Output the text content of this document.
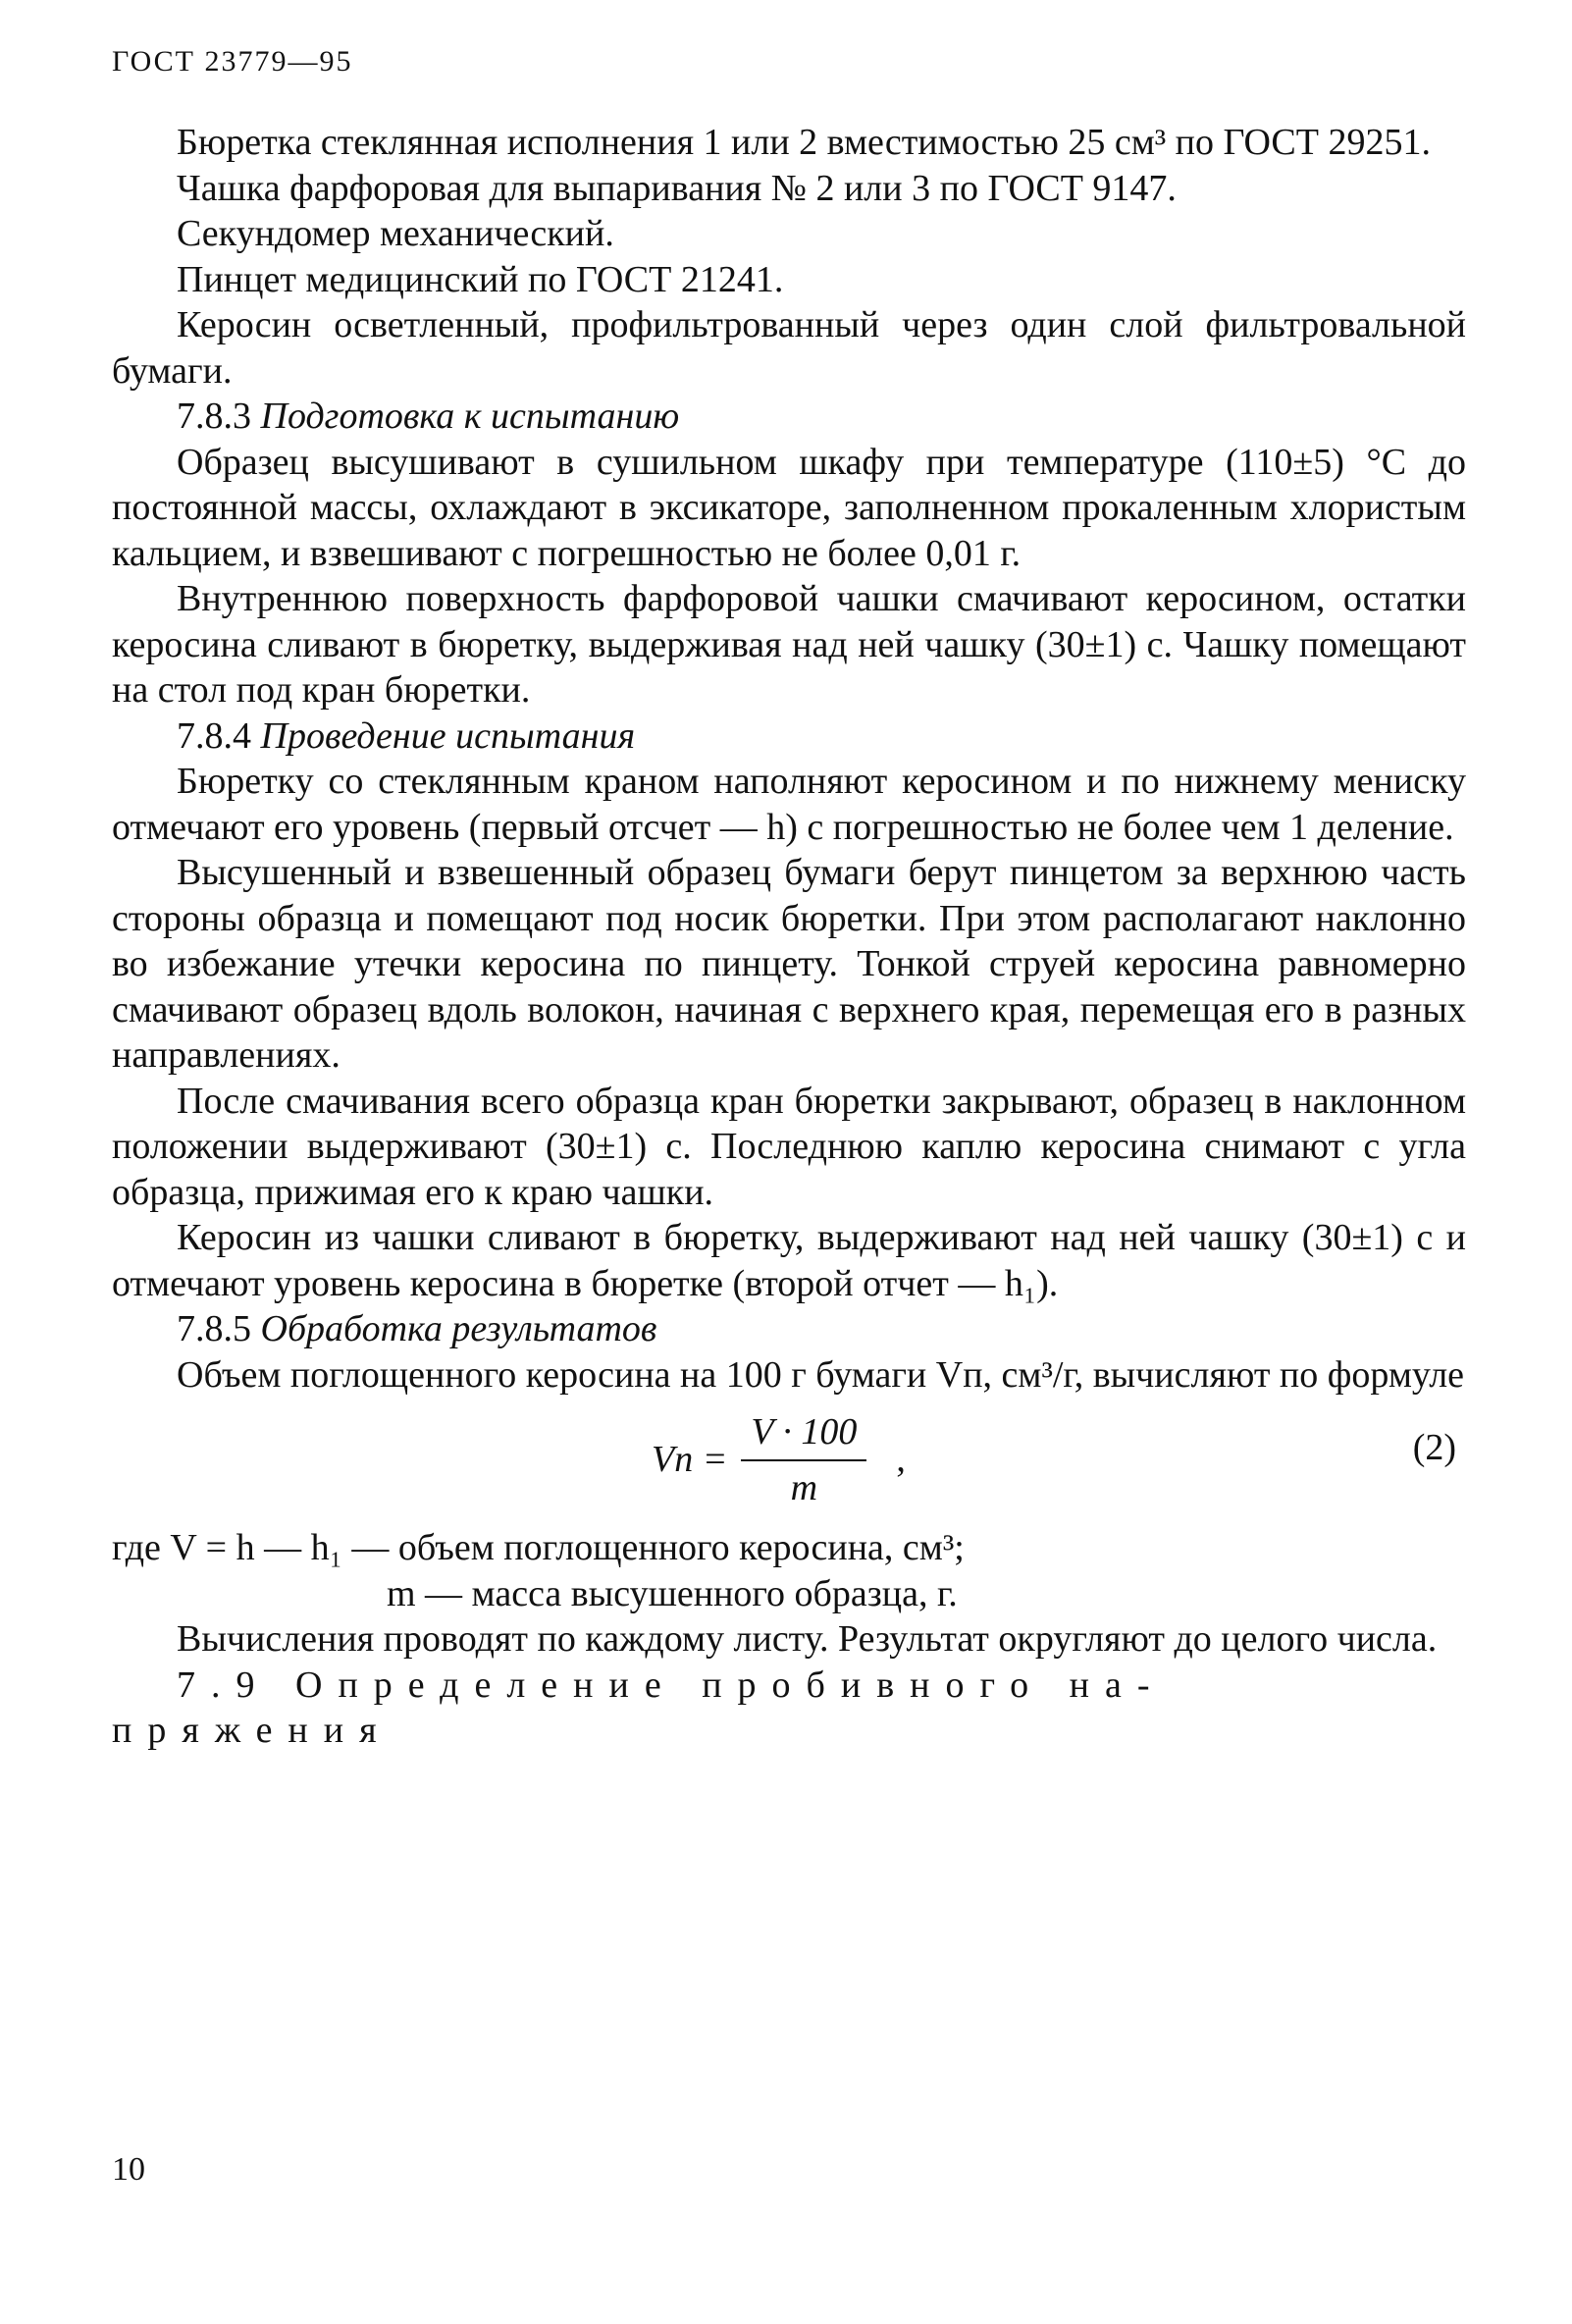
ГОСТ 23779—95

Бюретка стеклянная исполнения 1 или 2 вместимостью 25 см³ по ГОСТ 29251.

Чашка фарфоровая для выпаривания № 2 или 3 по ГОСТ 9147.

Секундомер механический.

Пинцет медицинский по ГОСТ 21241.

Керосин осветленный, профильтрованный через один слой фильтровальной бумаги.

7.8.3 Подготовка к испытанию

Образец высушивают в сушильном шкафу при температуре (110±5) °С до постоянной массы, охлаждают в эксикаторе, заполненном прокаленным хлористым кальцием, и взвешивают с погрешностью не более 0,01 г.

Внутреннюю поверхность фарфоровой чашки смачивают керосином, остатки керосина сливают в бюретку, выдерживая над ней чашку (30±1) с. Чашку помещают на стол под кран бюретки.

7.8.4 Проведение испытания

Бюретку со стеклянным краном наполняют керосином и по нижнему мениску отмечают его уровень (первый отсчет — h) с погрешностью не более чем 1 деление.

Высушенный и взвешенный образец бумаги берут пинцетом за верхнюю часть стороны образца и помещают под носик бюретки. При этом располагают наклонно во избежание утечки керосина по пинцету. Тонкой струей керосина равномерно смачивают образец вдоль волокон, начиная с верхнего края, перемещая его в разных направлениях.

После смачивания всего образца кран бюретки закрывают, образец в наклонном положении выдерживают (30±1) с. Последнюю каплю керосина снимают с угла образца, прижимая его к краю чашки.

Керосин из чашки сливают в бюретку, выдерживают над ней чашку (30±1) с и отмечают уровень керосина в бюретке (второй отчет — h₁).

7.8.5 Обработка результатов

Объем поглощенного керосина на 100 г бумаги Vп, см³/г, вычисляют по формуле

Vп = $\frac{V \cdot 100}{m}$ ,	(2)

где V = h — h₁ — объем поглощенного керосина, см³;

m — масса высушенного образца, г.

Вычисления проводят по каждому листу. Результат округляют до целого числа.

7.9 Определение пробивного на-

пряжения

10
